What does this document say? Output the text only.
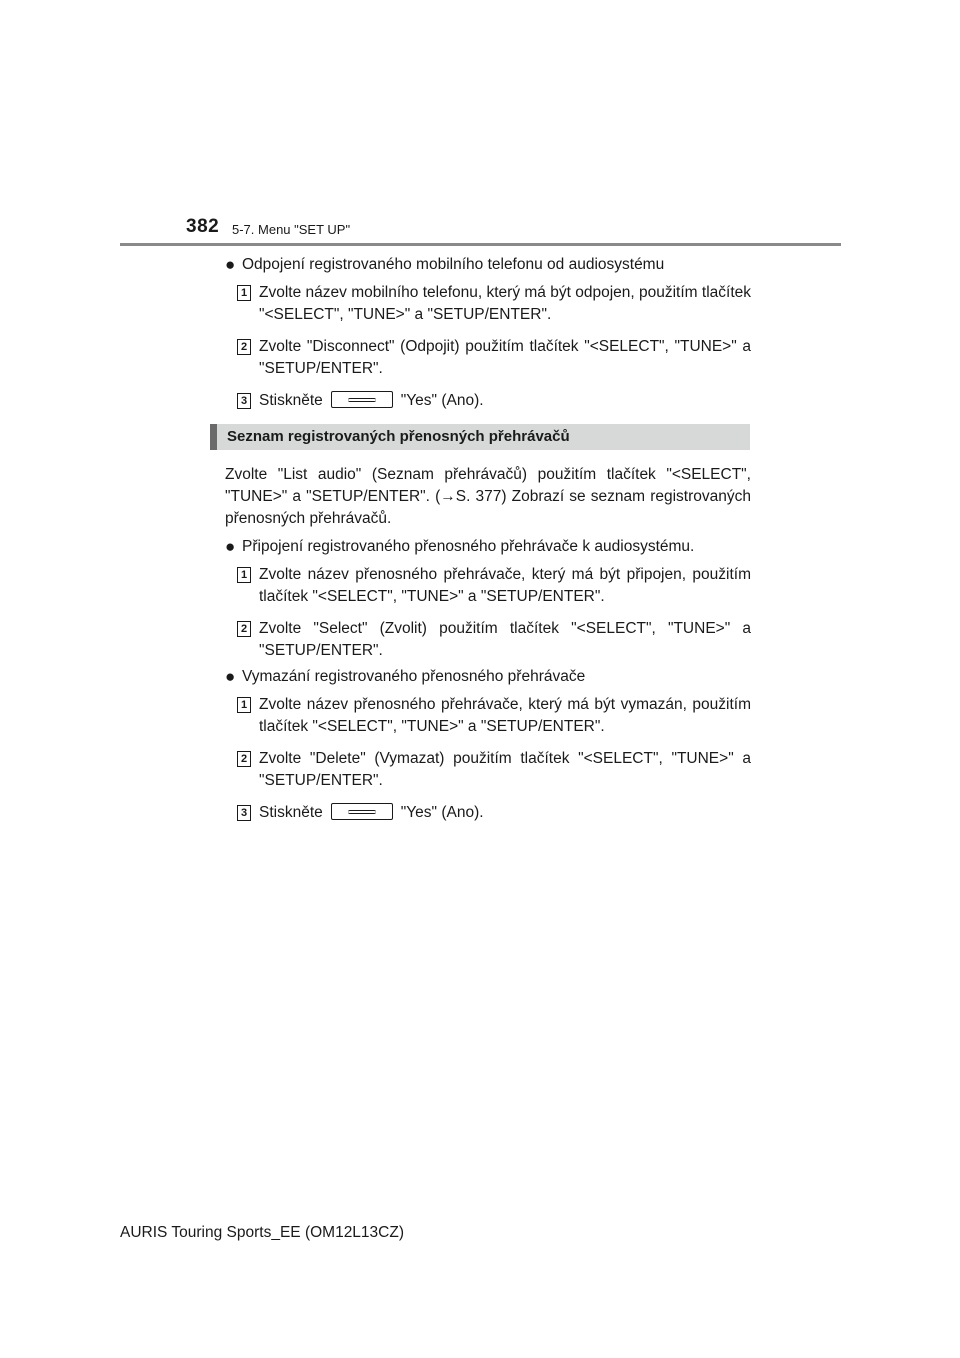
382 5-7. Menu "SET UP"
● Odpojení registrovaného mobilního telefonu od audiosystému
1 Zvolte název mobilního telefonu, který má být odpojen, použitím tlačítek "<SELECT", "TUNE>" a "SETUP/ENTER".
2 Zvolte "Disconnect" (Odpojit) použitím tlačítek "<SELECT", "TUNE>" a "SETUP/ENTER".
3 Stiskněte	"Yes" (Ano).
Seznam registrovaných přenosných přehrávačů
Zvolte "List audio" (Seznam přehrávačů) použitím tlačítek "<SELECT", "TUNE>" a "SETUP/ENTER". (→S. 377) Zobrazí se seznam registrovaných přenosných přehrávačů.
● Připojení registrovaného přenosného přehrávače k audiosystému.
1 Zvolte název přenosného přehrávače, který má být připojen, použitím tlačítek "<SELECT", "TUNE>" a "SETUP/ENTER".
2 Zvolte "Select" (Zvolit) použitím tlačítek "<SELECT", "TUNE>" a "SETUP/ENTER".
● Vymazání registrovaného přenosného přehrávače
1 Zvolte název přenosného přehrávače, který má být vymazán, použitím tlačítek "<SELECT", "TUNE>" a "SETUP/ENTER".
2 Zvolte "Delete" (Vymazat) použitím tlačítek "<SELECT", "TUNE>" a "SETUP/ENTER".
3 Stiskněte	"Yes" (Ano).
AURIS Touring Sports_EE (OM12L13CZ)
